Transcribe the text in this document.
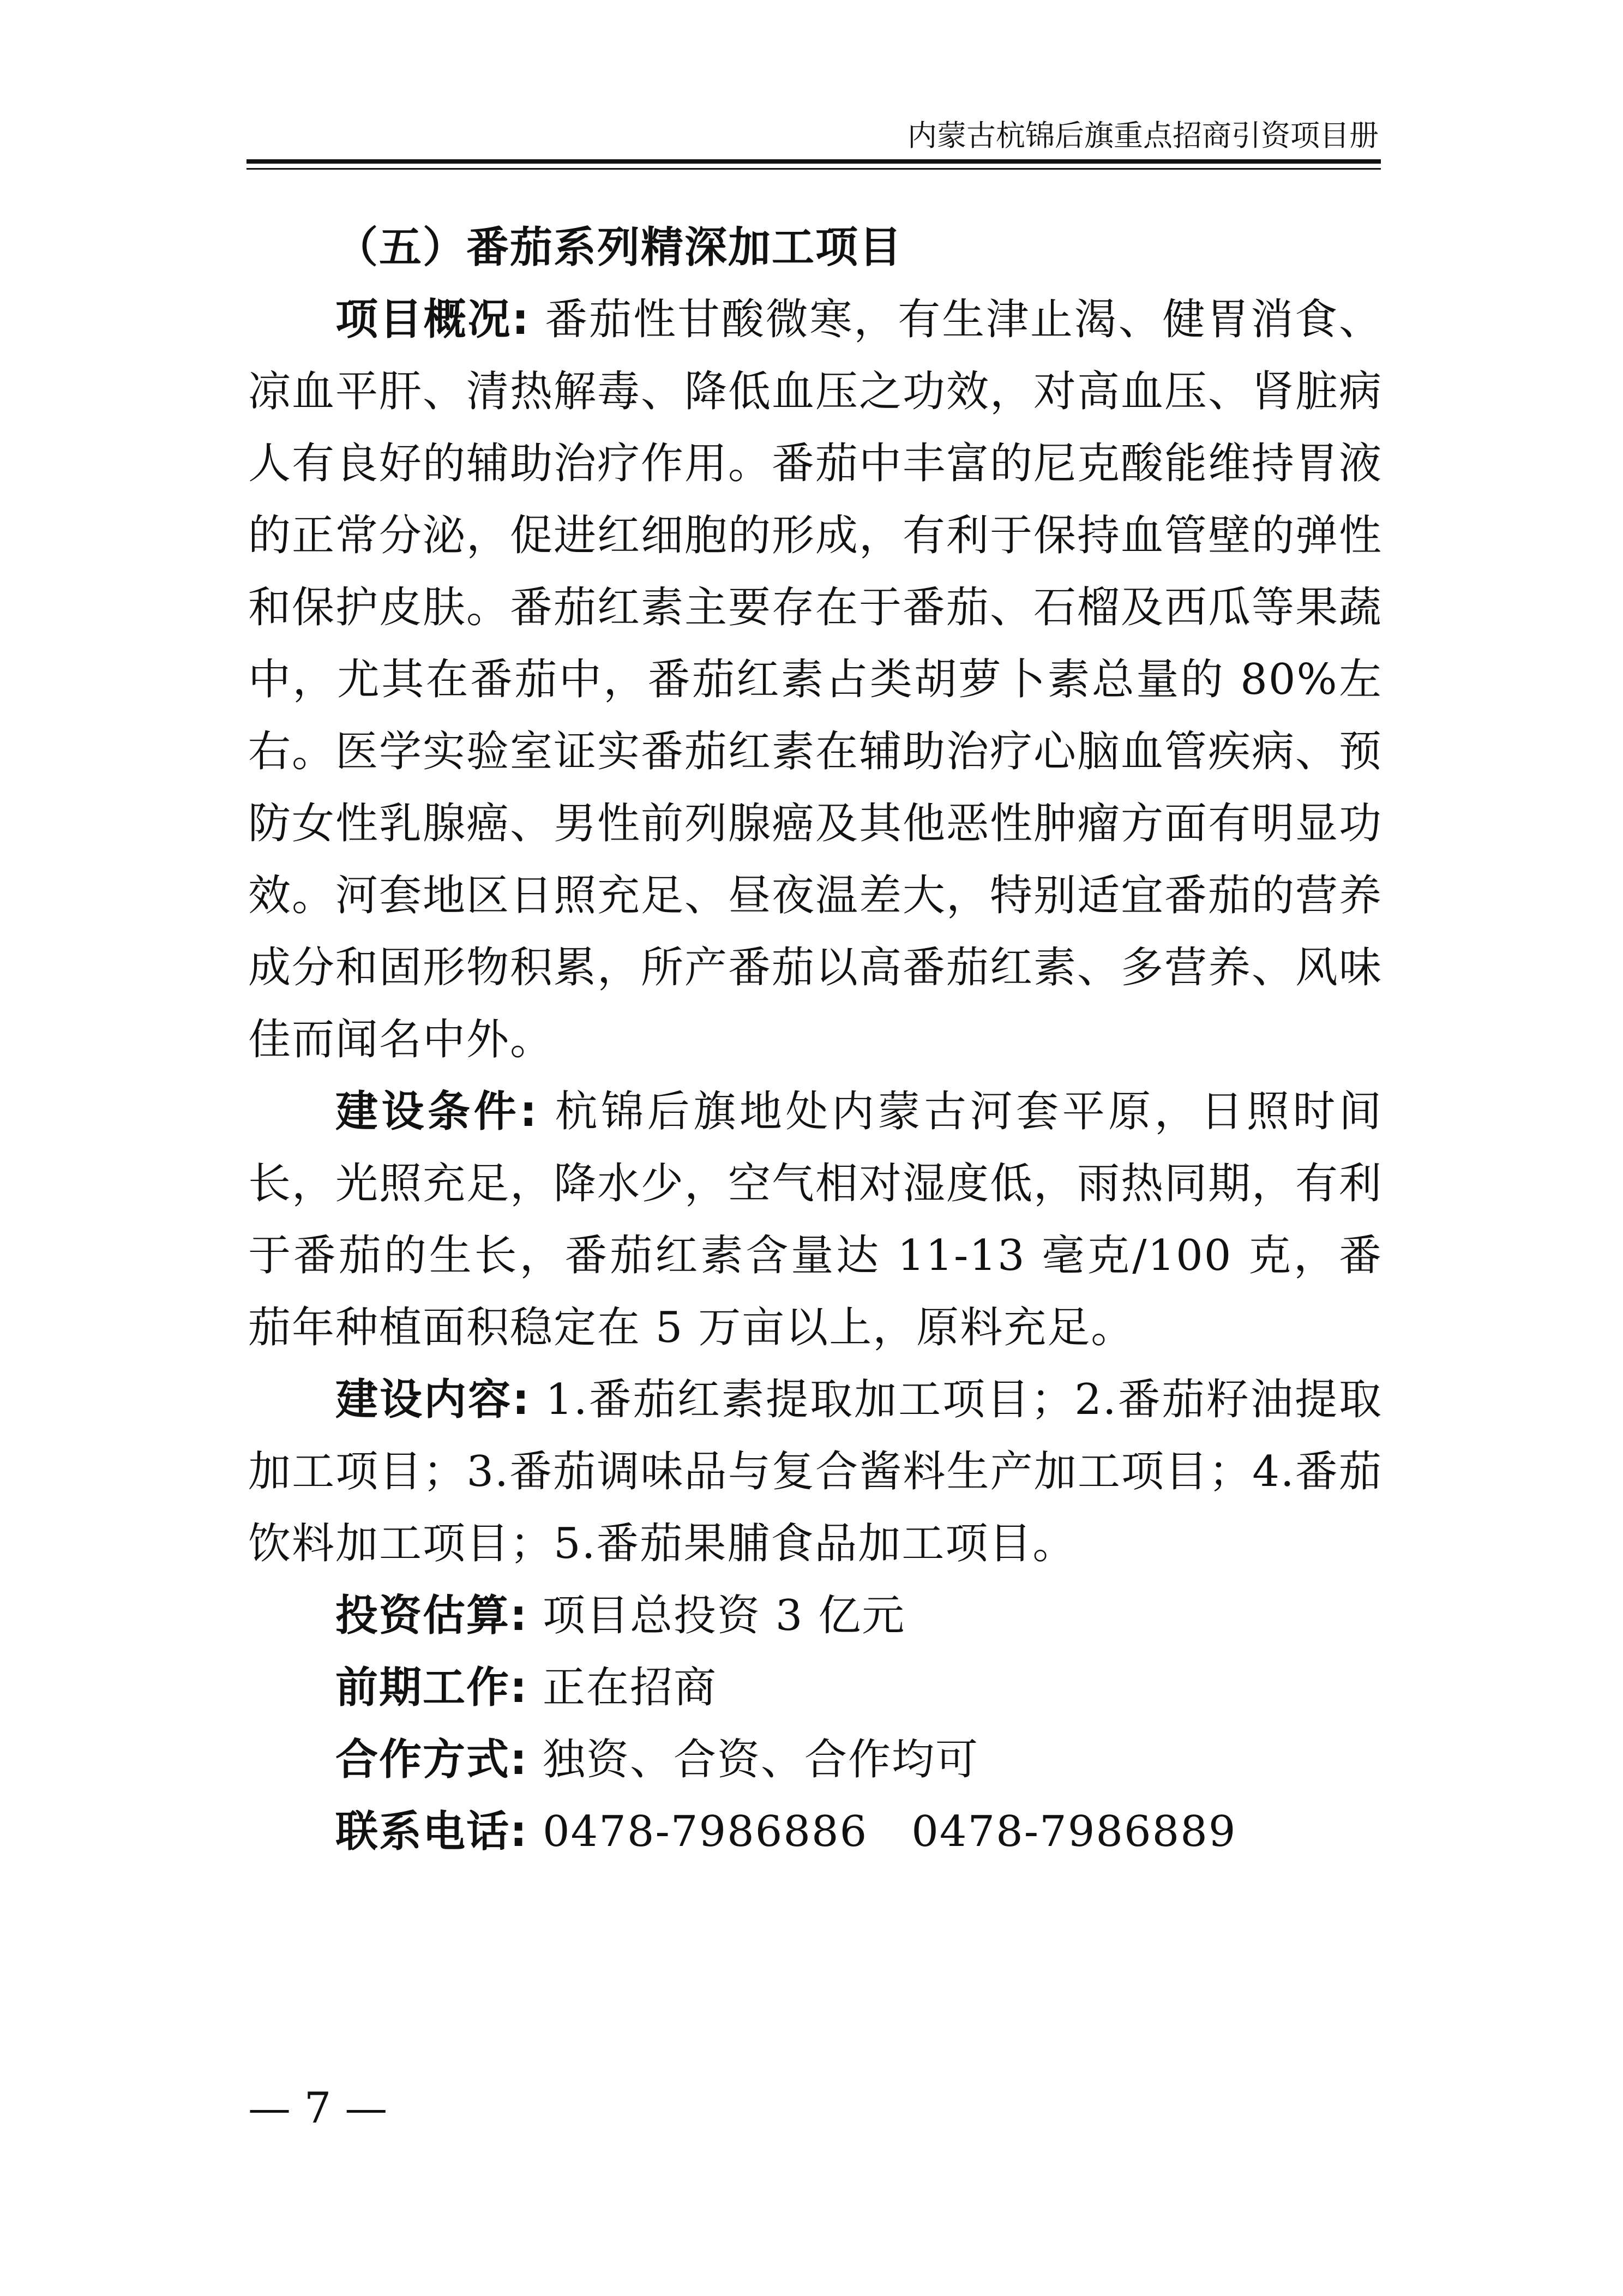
内蒙古杭锦后旗重点招商引资项目册

（五）番茄系列精深加工项目

项目概况: 番茄性甘酸微寒，有生津止渴、健胃消食、凉血平肝、清热解毒、降低血压之功效，对高血压、肾脏病人有良好的辅助治疗作用。番茄中丰富的尼克酸能维持胃液的正常分泌，促进红细胞的形成，有利于保持血管壁的弹性和保护皮肤。番茄红素主要存在于番茄、石榴及西瓜等果蔬中，尤其在番茄中，番茄红素占类胡萝卜素总量的 80%左右。医学实验室证实番茄红素在辅助治疗心脑血管疾病、预防女性乳腺癌、男性前列腺癌及其他恶性肿瘤方面有明显功效。河套地区日照充足、昼夜温差大，特别适宜番茄的营养成分和固形物积累，所产番茄以高番茄红素、多营养、风味佳而闻名中外。

建设条件: 杭锦后旗地处内蒙古河套平原，日照时间长，光照充足，降水少，空气相对湿度低，雨热同期，有利于番茄的生长，番茄红素含量达 11-13 毫克/100 克，番茄年种植面积稳定在 5 万亩以上，原料充足。

建设内容: 1.番茄红素提取加工项目；2.番茄籽油提取加工项目；3.番茄调味品与复合酱料生产加工项目；4.番茄饮料加工项目；5.番茄果脯食品加工项目。

投资估算: 项目总投资 3 亿元

前期工作: 正在招商

合作方式: 独资、合资、合作均可

联系电话: 0478-7986886 0478-7986889

— 7 —
